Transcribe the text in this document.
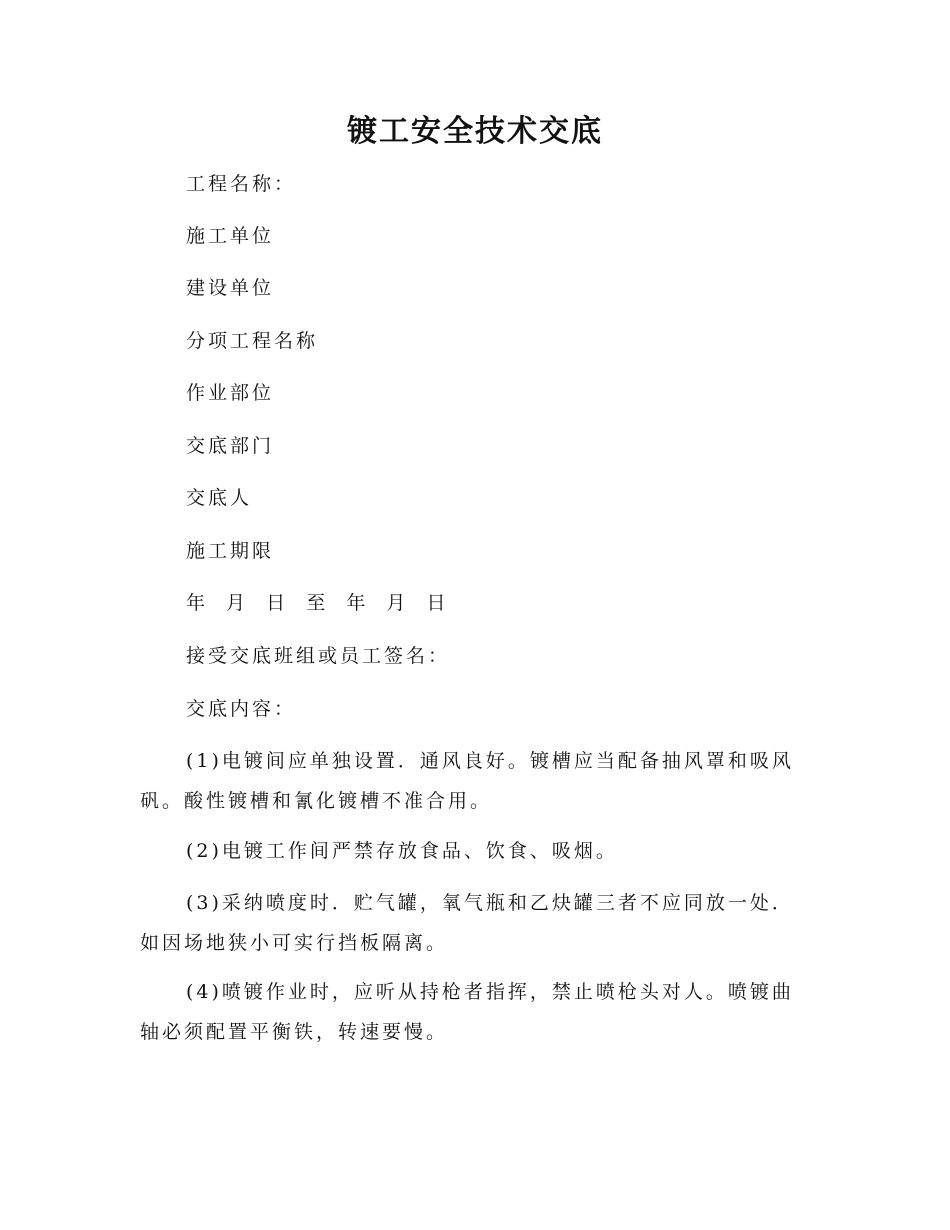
镀工安全技术交底
工程名称：
施工单位
建设单位
分项工程名称
作业部位
交底部门
交底人
施工期限
年  月  日  至  年  月  日
接受交底班组或员工签名：
交底内容：
(1)电镀间应单独设置．通风良好。镀槽应当配备抽风罩和吸风矾。酸性镀槽和氰化镀槽不准合用。
(2)电镀工作间严禁存放食品、饮食、吸烟。
(3)采纳喷度时．贮气罐，氧气瓶和乙炔罐三者不应同放一处．如因场地狭小可实行挡板隔离。
(4)喷镀作业时，应听从持枪者指挥，禁止喷枪头对人。喷镀曲轴必须配置平衡铁，转速要慢。
